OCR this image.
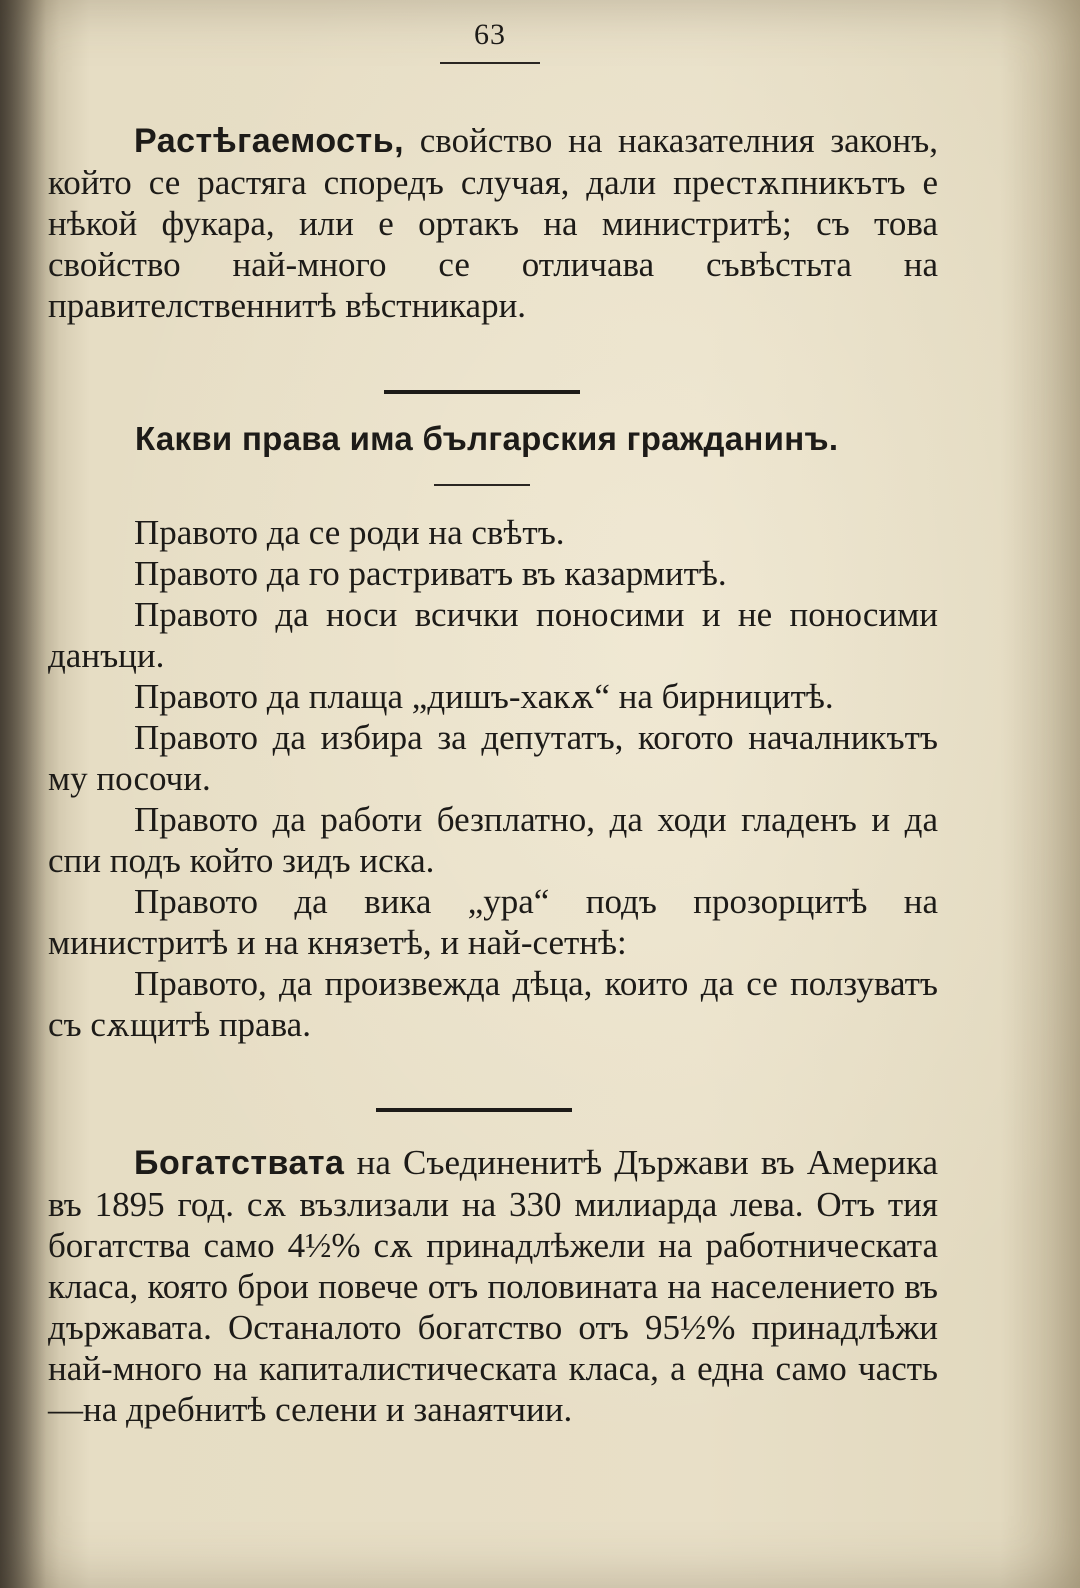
63
Растѣгаемость, свойство на наказателния законъ, който се растяга споредъ случая, дали престѫпникътъ е нѣкой фукара, или е ортакъ на министритѣ; съ това свойство най-много се отличава съвѣстьта на правителственнитѣ вѣстникари.
Какви права има българския гражданинъ.

Правото да се роди на свѣтъ.

Правото да го растриватъ въ казармитѣ.

Правото да носи всички поносими и не поносими данъци.

Правото да плаща „дишъ-хакѫ“ на бирницитѣ.

Правото да избира за депутатъ, когото началникътъ му посочи.

Правото да работи безплатно, да ходи гладенъ и да спи подъ който зидъ иска.

Правото да вика „ура“ подъ прозорцитѣ на министритѣ и на князетѣ, и най-сетнѣ:

Правото, да произвежда дѣца, които да се ползуватъ съ сѫщитѣ права.

Богатствата на Съединенитѣ Държави въ Америка въ 1895 год. сѫ възлизали на 330 милиарда лева. Отъ тия богатства само 4½% сѫ принадлѣжели на работническата класа, която брои повече отъ половината на населението въ държавата. Останалото богатство отъ 95½% принадлѣжи най-много на капиталистическата класа, а една само часть—на дребнитѣ селени и занаятчии.
